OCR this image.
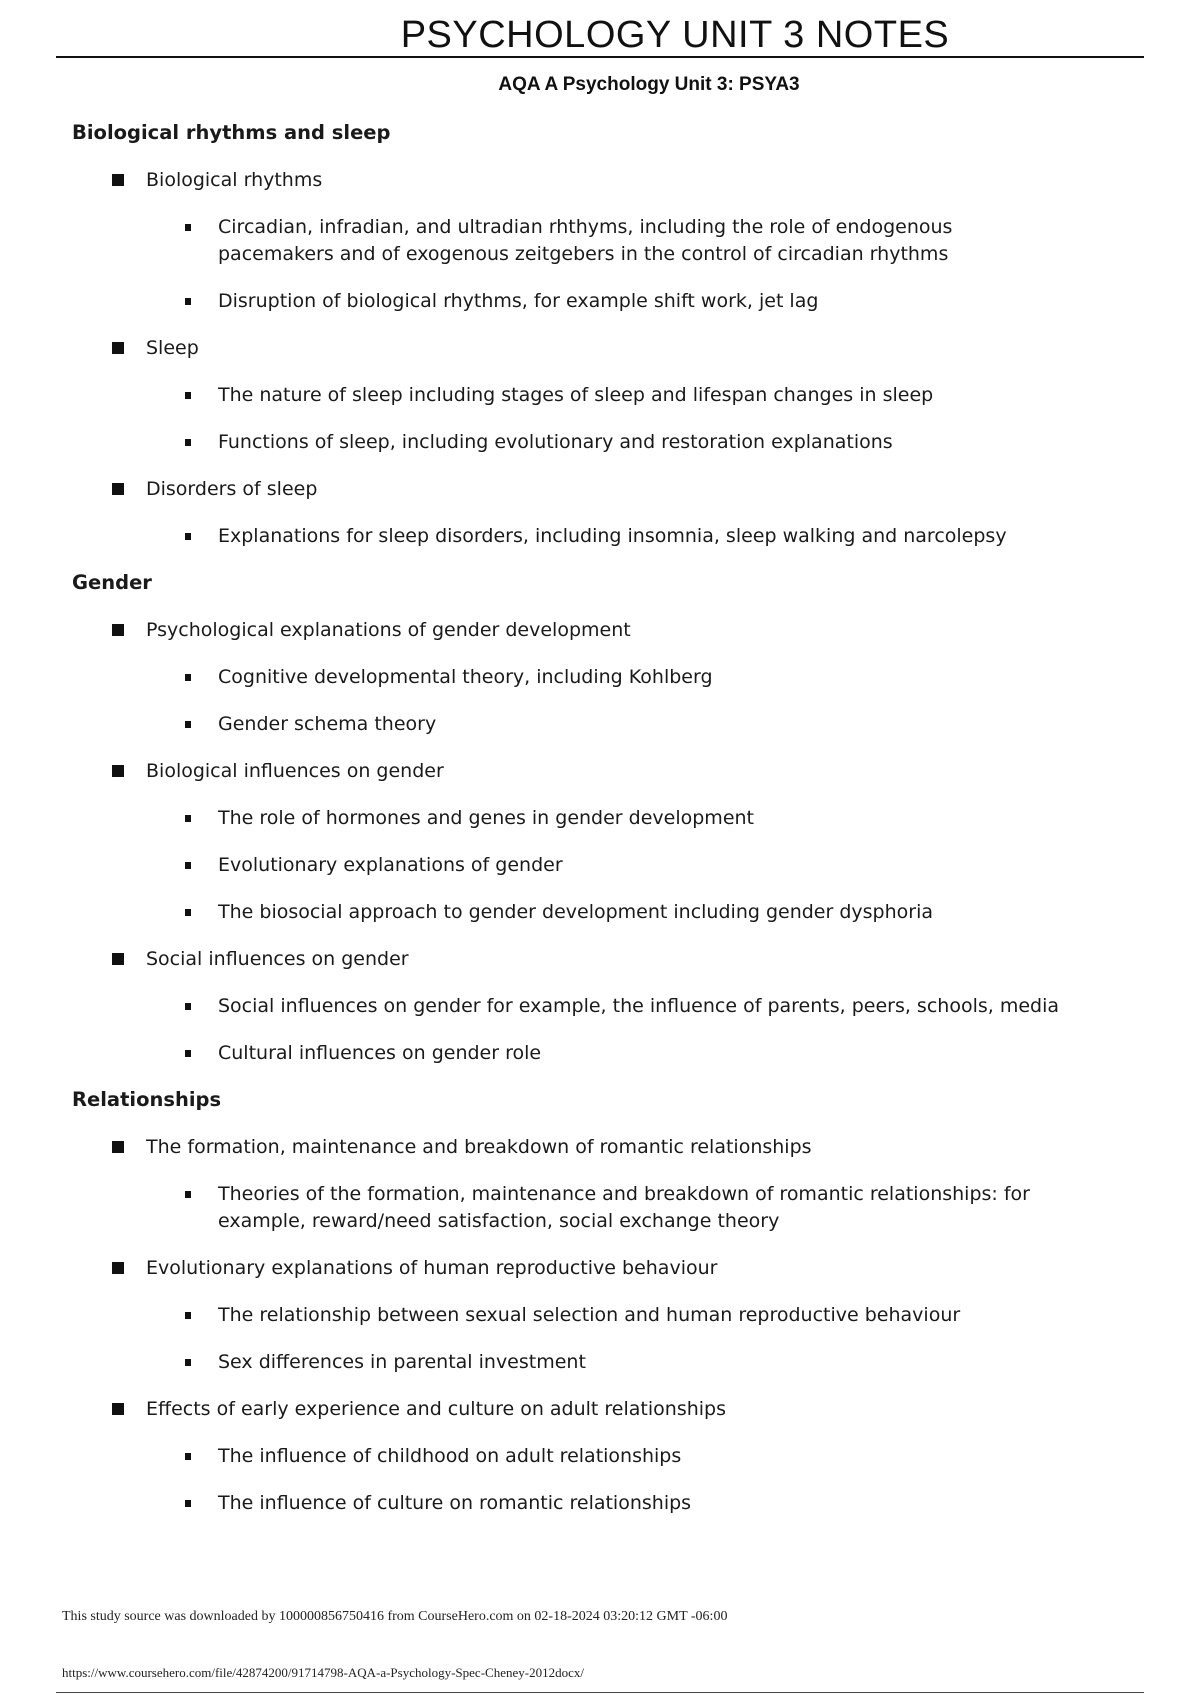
PSYCHOLOGY UNIT 3 NOTES
AQA A Psychology Unit 3: PSYA3
Biological rhythms and sleep
Biological rhythms
Circadian, infradian, and ultradian rhthyms, including the role of endogenous pacemakers and of exogenous zeitgebers in the control of circadian rhythms
Disruption of biological rhythms, for example shift work, jet lag
Sleep
The nature of sleep including stages of sleep and lifespan changes in sleep
Functions of sleep, including evolutionary and restoration explanations
Disorders of sleep
Explanations for sleep disorders, including insomnia, sleep walking and narcolepsy
Gender
Psychological explanations of gender development
Cognitive developmental theory, including Kohlberg
Gender schema theory
Biological influences on gender
The role of hormones and genes in gender development
Evolutionary explanations of gender
The biosocial approach to gender development including gender dysphoria
Social influences on gender
Social influences on gender for example, the influence of parents, peers, schools, media
Cultural influences on gender role
Relationships
The formation, maintenance and breakdown of romantic relationships
Theories of the formation, maintenance and breakdown of romantic relationships: for example, reward/need satisfaction, social exchange theory
Evolutionary explanations of human reproductive behaviour
The relationship between sexual selection and human reproductive behaviour
Sex differences in parental investment
Effects of early experience and culture on adult relationships
The influence of childhood on adult relationships
The influence of culture on romantic relationships
This study source was downloaded by 100000856750416 from CourseHero.com on 02-18-2024 03:20:12 GMT -06:00
https://www.coursehero.com/file/42874200/91714798-AQA-a-Psychology-Spec-Cheney-2012docx/
